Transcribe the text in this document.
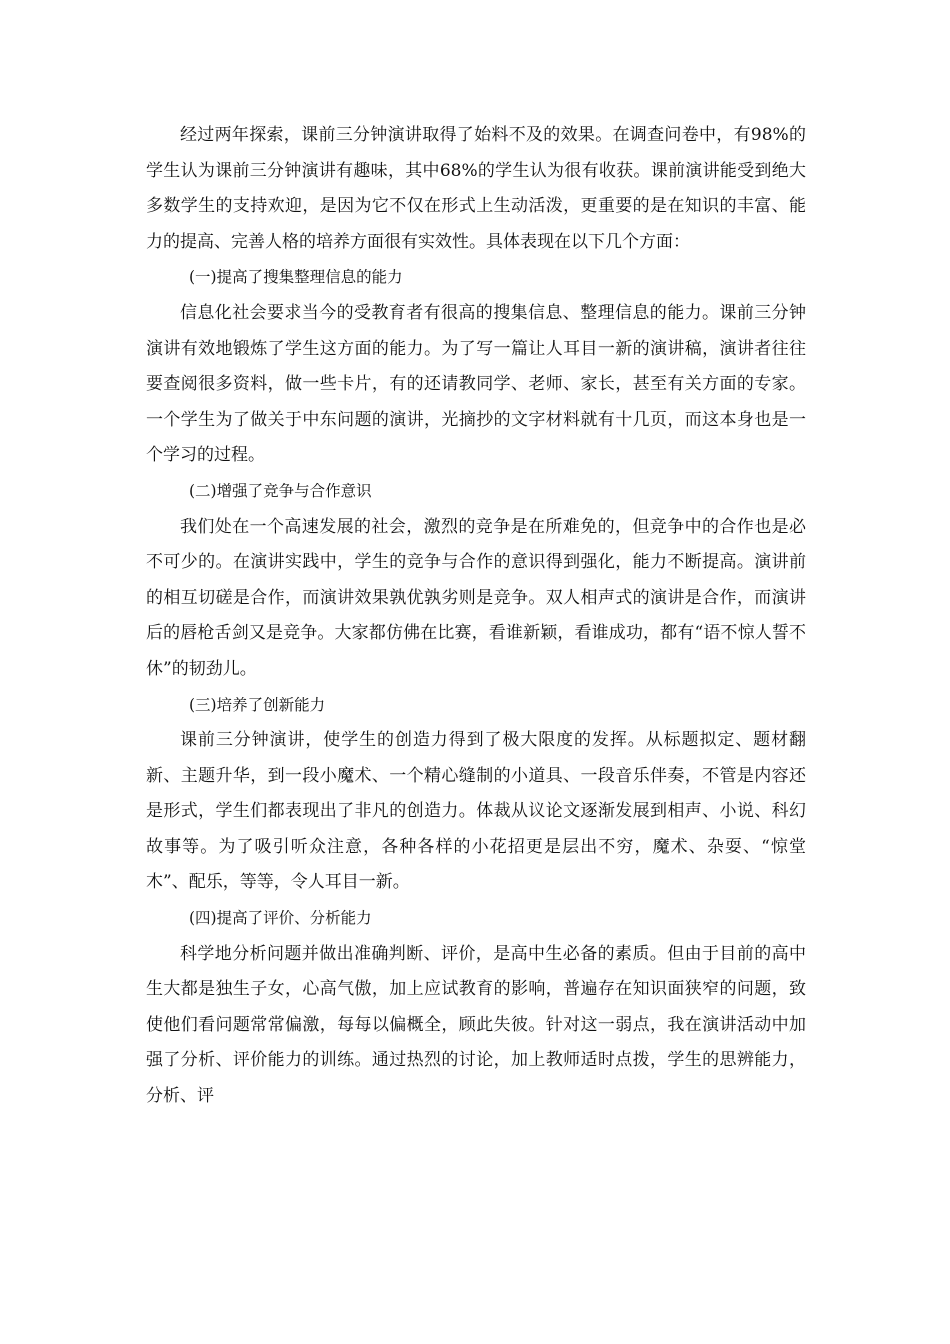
经过两年探索，课前三分钟演讲取得了始料不及的效果。在调查问卷中，有98%的学生认为课前三分钟演讲有趣味，其中68%的学生认为很有收获。课前演讲能受到绝大多数学生的支持欢迎，是因为它不仅在形式上生动活泼，更重要的是在知识的丰富、能力的提高、完善人格的培养方面很有实效性。具体表现在以下几个方面：

(一)提高了搜集整理信息的能力

信息化社会要求当今的受教育者有很高的搜集信息、整理信息的能力。课前三分钟演讲有效地锻炼了学生这方面的能力。为了写一篇让人耳目一新的演讲稿，演讲者往往要查阅很多资料，做一些卡片，有的还请教同学、老师、家长，甚至有关方面的专家。一个学生为了做关于中东问题的演讲，光摘抄的文字材料就有十几页，而这本身也是一个学习的过程。

(二)增强了竞争与合作意识

我们处在一个高速发展的社会，激烈的竞争是在所难免的，但竞争中的合作也是必不可少的。在演讲实践中，学生的竞争与合作的意识得到强化，能力不断提高。演讲前的相互切磋是合作，而演讲效果孰优孰劣则是竞争。双人相声式的演讲是合作，而演讲后的唇枪舌剑又是竞争。大家都仿佛在比赛，看谁新颖，看谁成功，都有“语不惊人誓不休”的韧劲儿。

(三)培养了创新能力

课前三分钟演讲，使学生的创造力得到了极大限度的发挥。从标题拟定、题材翻新、主题升华，到一段小魔术、一个精心缝制的小道具、一段音乐伴奏，不管是内容还是形式，学生们都表现出了非凡的创造力。体裁从议论文逐渐发展到相声、小说、科幻故事等。为了吸引听众注意，各种各样的小花招更是层出不穷，魔术、杂耍、“惊堂木”、配乐，等等，令人耳目一新。

(四)提高了评价、分析能力

科学地分析问题并做出准确判断、评价，是高中生必备的素质。但由于目前的高中生大都是独生子女，心高气傲，加上应试教育的影响，普遍存在知识面狭窄的问题，致使他们看问题常常偏激，每每以偏概全，顾此失彼。针对这一弱点，我在演讲活动中加强了分析、评价能力的训练。通过热烈的讨论，加上教师适时点拨，学生的思辨能力，分析、评
